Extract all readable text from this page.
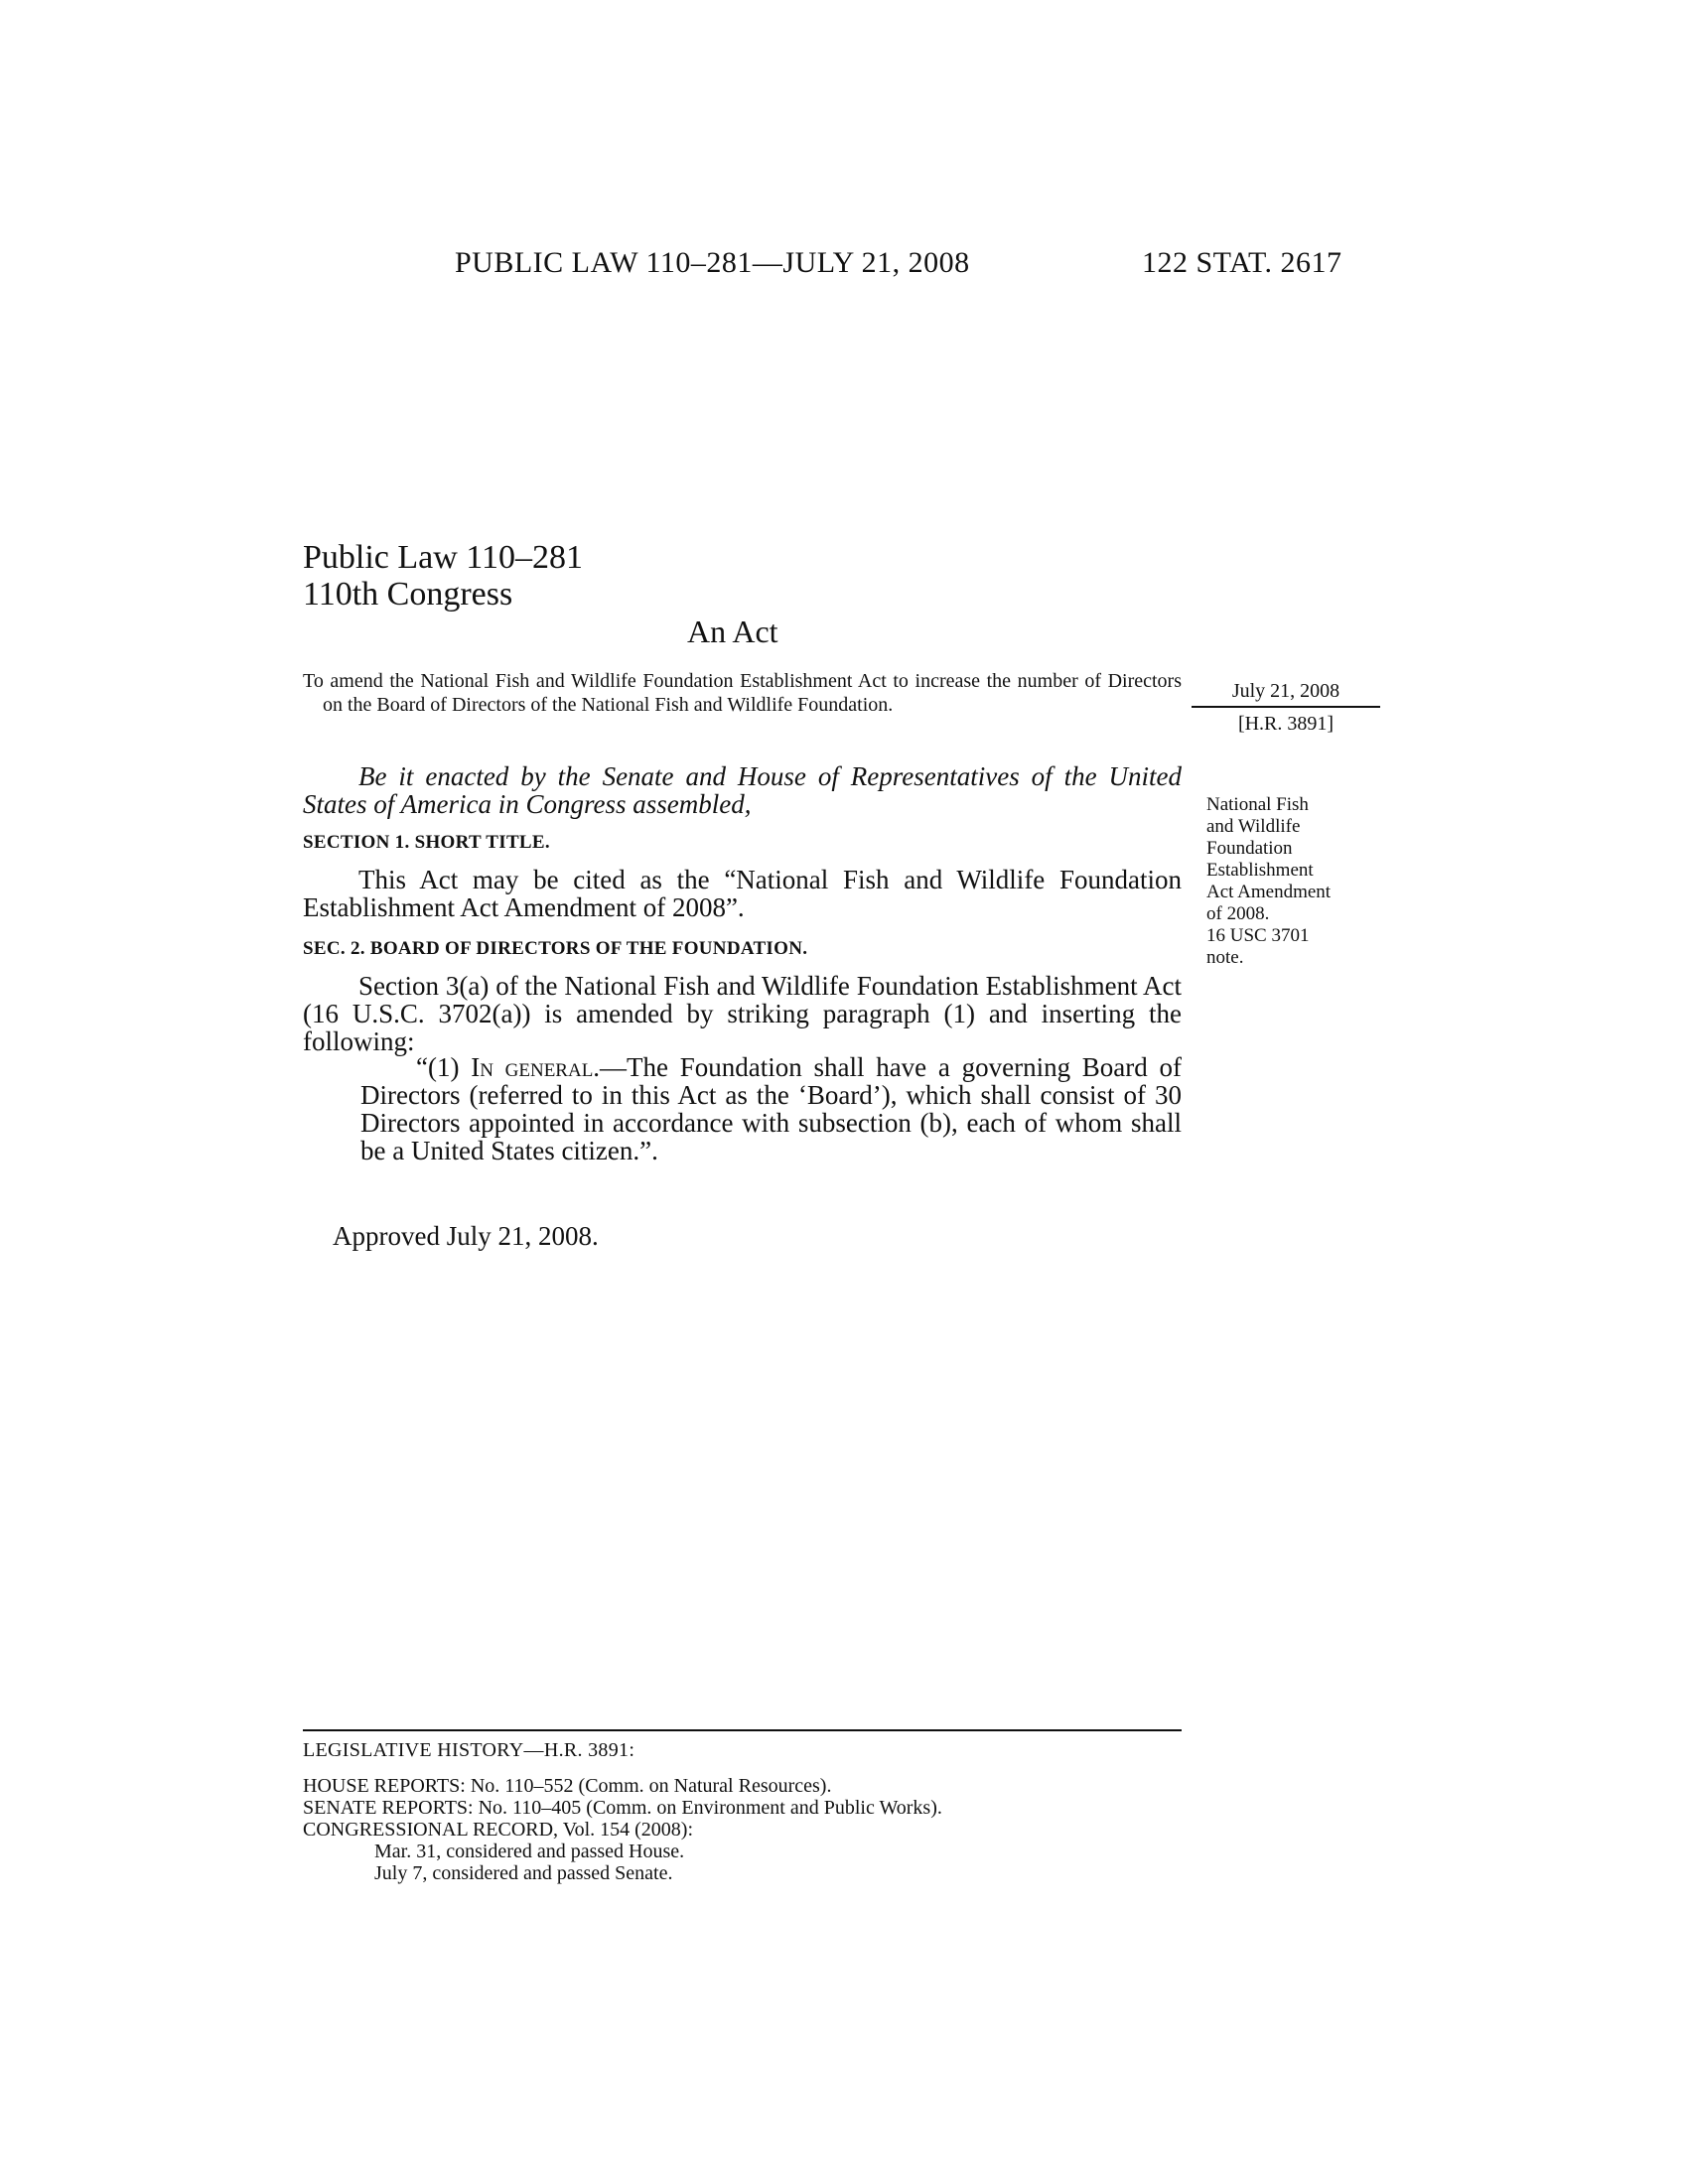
PUBLIC LAW 110–281—JULY 21, 2008	122 STAT. 2617
Public Law 110–281
110th Congress
An Act
To amend the National Fish and Wildlife Foundation Establishment Act to increase the number of Directors on the Board of Directors of the National Fish and Wildlife Foundation.
July 21, 2008
[H.R. 3891]
Be it enacted by the Senate and House of Representatives of the United States of America in Congress assembled,
SECTION 1. SHORT TITLE.
This Act may be cited as the “National Fish and Wildlife Foundation Establishment Act Amendment of 2008”.
SEC. 2. BOARD OF DIRECTORS OF THE FOUNDATION.
Section 3(a) of the National Fish and Wildlife Foundation Establishment Act (16 U.S.C. 3702(a)) is amended by striking paragraph (1) and inserting the following:
“(1) In general.—The Foundation shall have a governing Board of Directors (referred to in this Act as the ‘Board’), which shall consist of 30 Directors appointed in accordance with subsection (b), each of whom shall be a United States citizen.”.
Approved July 21, 2008.
National Fish
and Wildlife
Foundation
Establishment
Act Amendment
of 2008.
16 USC 3701
note.
LEGISLATIVE HISTORY—H.R. 3891:
HOUSE REPORTS: No. 110–552 (Comm. on Natural Resources).
SENATE REPORTS: No. 110–405 (Comm. on Environment and Public Works).
CONGRESSIONAL RECORD, Vol. 154 (2008):
Mar. 31, considered and passed House.
July 7, considered and passed Senate.
